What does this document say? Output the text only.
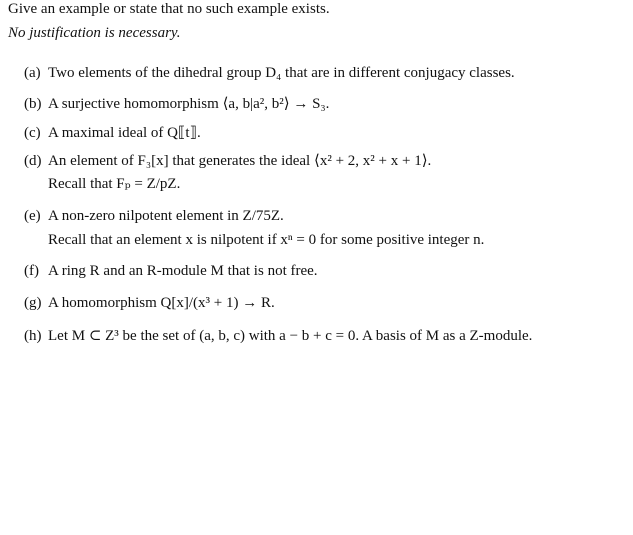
Give an example or state that no such example exists.
No justification is necessary.
(a) Two elements of the dihedral group D₄ that are in different conjugacy classes.
(b) A surjective homomorphism ⟨a, b|a², b²⟩ → S₃.
(c) A maximal ideal of Q⟦t⟧.
(d) An element of F₃[x] that generates the ideal ⟨x² + 2, x² + x + 1⟩.
Recall that Fₚ = Z/pZ.
(e) A non-zero nilpotent element in Z/75Z.
Recall that an element x is nilpotent if xⁿ = 0 for some positive integer n.
(f) A ring R and an R-module M that is not free.
(g) A homomorphism Q[x]/(x³ + 1) → R.
(h) Let M ⊂ Z³ be the set of (a, b, c) with a − b + c = 0. A basis of M as a Z-module.
